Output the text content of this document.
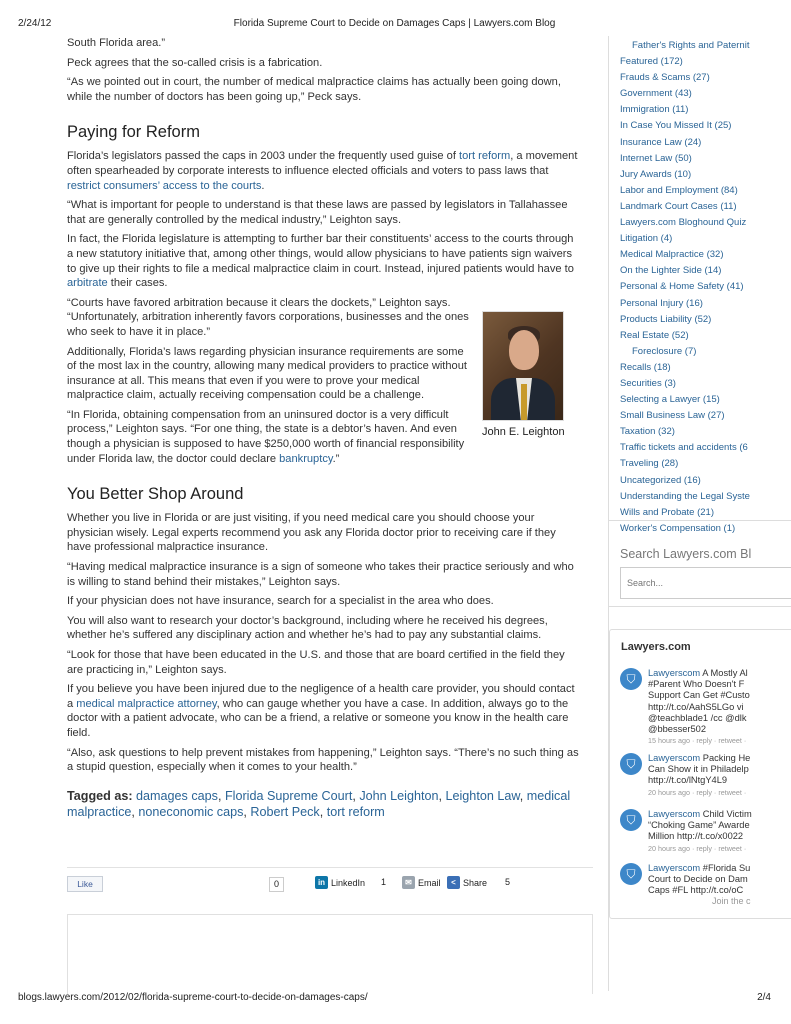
2/24/12	Florida Supreme Court to Decide on Damages Caps | Lawyers.com Blog

South Florida area.”

Peck agrees that the so-called crisis is a fabrication.

“As we pointed out in court, the number of medical malpractice claims has actually been going down, while the number of doctors has been going up,” Peck says.

Paying for Reform

Florida’s legislators passed the caps in 2003 under the frequently used guise of tort reform, a movement often spearheaded by corporate interests to influence elected officials and voters to pass laws that restrict consumers’ access to the courts.

“What is important for people to understand is that these laws are passed by legislators in Tallahassee that are generally controlled by the medical industry,” Leighton says.

In fact, the Florida legislature is attempting to further bar their constituents’ access to the courts through a new statutory initiative that, among other things, would allow physicians to have patients sign waivers to give up their rights to file a medical malpractice claim in court. Instead, injured patients would have to arbitrate their cases.

“Courts have favored arbitration because it clears the dockets,” Leighton says. “Unfortunately, arbitration inherently favors corporations, businesses and the ones who seek to have it in place.”

Additionally, Florida’s laws regarding physician insurance requirements are some of the most lax in the country, allowing many medical providers to practice without insurance at all. This means that even if you were to prove your medical malpractice claim, actually receiving compensation could be a challenge.

“In Florida, obtaining compensation from an uninsured doctor is a very difficult process,” Leighton says. “For one thing, the state is a debtor’s haven. And even though a physician is supposed to have $250,000 worth of financial responsibility under Florida law, the doctor could declare bankruptcy.”

John E. Leighton
You Better Shop Around

Whether you live in Florida or are just visiting, if you need medical care you should choose your physician wisely. Legal experts recommend you ask any Florida doctor prior to receiving care if they have professional malpractice insurance.

“Having medical malpractice insurance is a sign of someone who takes their practice seriously and who is willing to stand behind their mistakes,” Leighton says.

If your physician does not have insurance, search for a specialist in the area who does.

You will also want to research your doctor’s background, including where he received his degrees, whether he’s suffered any disciplinary action and whether he’s had to pay any substantial claims.

“Look for those that have been educated in the U.S. and those that are board certified in the field they are practicing in,” Leighton says.

If you believe you have been injured due to the negligence of a health care provider, you should contact a medical malpractice attorney, who can gauge whether you have a case. In addition, always go to the doctor with a patient advocate, who can be a friend, a relative or someone you know in the health care field.

“Also, ask questions to help prevent mistakes from happening,” Leighton says. “There’s no such thing as a stupid question, especially when it comes to your health.”

Tagged as: damages caps, Florida Supreme Court, John Leighton, Leighton Law, medical malpractice, noneconomic caps, Robert Peck, tort reform
Like	0	in LinkedIn 1	✉ Email	< Share 5
Father's Rights and Paternit
Featured (172)
Frauds & Scams (27)
Government (43)
Immigration (11)
In Case You Missed It (25)
Insurance Law (24)
Internet Law (50)
Jury Awards (10)
Labor and Employment (84)
Landmark Court Cases (11)
Lawyers.com Bloghound Quiz
Litigation (4)
Medical Malpractice (32)
On the Lighter Side (14)
Personal & Home Safety (41)
Personal Injury (16)
Products Liability (52)
Real Estate (52)
Foreclosure (7)
Recalls (18)
Securities (3)
Selecting a Lawyer (15)
Small Business Law (27)
Taxation (32)
Traffic tickets and accidents (6
Traveling (28)
Uncategorized (16)
Understanding the Legal Syste
Wills and Probate (21)
Worker's Compensation (1)
Search Lawyers.com Bl
Search...
Lawyers.com
⛉	Lawyerscom A Mostly Al
#Parent Who Doesn't F
Support Can Get #Custo
http://t.co/AahS5LGo vi
@teachblade1 /cc @dlk
@bbesser502
15 hours ago · reply · retweet ·
⛉	Lawyerscom Packing He
Can Show it in Philadelp
http://t.co/lNtgY4L9
20 hours ago · reply · retweet ·
⛉	Lawyerscom Child Victim
“Choking Game” Awarde
Million http://t.co/x0022
20 hours ago · reply · retweet ·
⛉	Lawyerscom #Florida Su
Court to Decide on Dam
Caps #FL http://t.co/oC
Join the c
blogs.lawyers.com/2012/02/florida-supreme-court-to-decide-on-damages-caps/	2/4
